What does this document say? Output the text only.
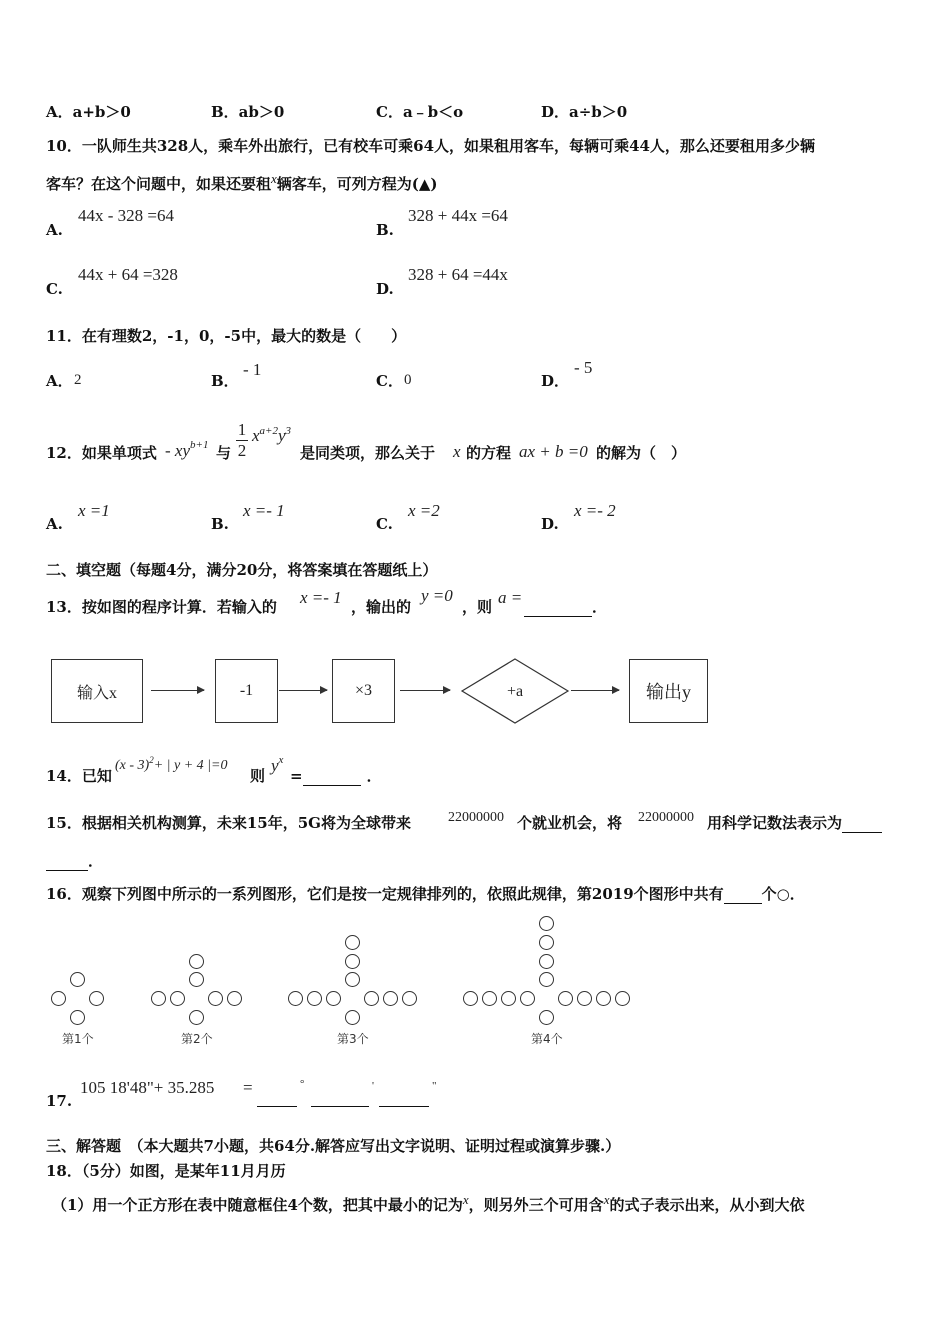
A．a+b＞0	B．ab＞0	C．a﹣b＜o	D．a÷b＞0
10．一队师生共328人，乘车外出旅行，已有校车可乘64人，如果租用客车，每辆可乘44人，那么还要租用多少辆
客车？在这个问题中，如果还要租x辆客车，可列方程为(▲)
A.
44x - 328 =64
B.
328 + 44x =64
C.
44x + 64 =328
D.
328 + 64 =44x
11．在有理数2，-1，0，-5中，最大的数是（　　）
A． 2	B．
- 1
C． 0	D．
- 5
12．如果单项式 - $xy^{b+1}$ 与
1
2
$x^{a+2}y^3$
是同类项，那么关于 x 的方程 ax + b =0 的解为（　）
A.
x =1
B.
x =- 1
C.
x =2
D.
x =- 2
二、填空题（每题4分，满分20分，将答案填在答题纸上）
13．按如图的程序计算．若输入的 x =- 1 ，输出的
y =0
，则 a =	．
输入x	-1	×3	+a	输出y
14．已知
(x - 3)$^2$+ | y + 4 |=0
则
$y^x$
=	．
15．根据相关机构测算，未来15年，5G将为全球带来	22000000 个就业机会，将 22000000 用科学记数法表示为
．
16．观察下列图中所示的一系列图形，它们是按一定规律排列的，依照此规律，第2019个图形中共有	个○．
第1个	第2个	第3个	第4个
17.
105 18'48"+ 35.285 =	°	'	"
三、解答题　（本大题共7小题，共64分.解答应写出文字说明、证明过程或演算步骤.）
18．（5分）如图，是某年11月月历
（1）用一个正方形在表中随意框住4个数，把其中最小的记为x，则另外三个可用含x的式子表示出来，从小到大依
